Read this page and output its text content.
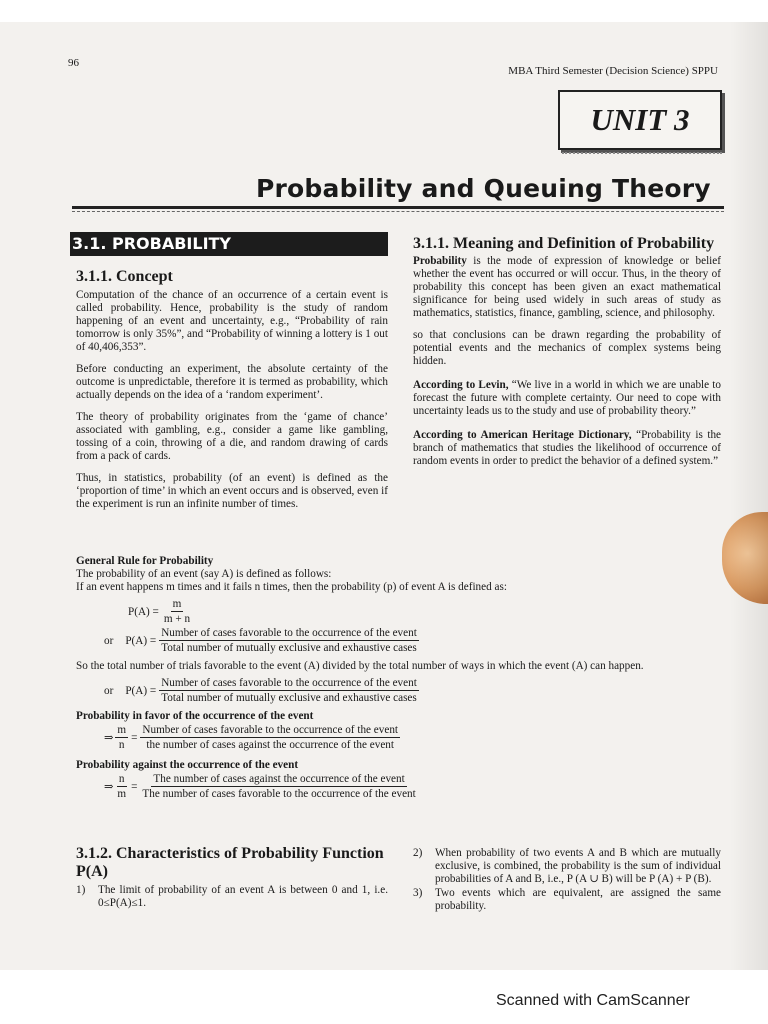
96
MBA Third Semester (Decision Science) SPPU
UNIT 3
Probability and Queuing Theory
3.1. PROBABILITY
3.1.1. Concept

Computation of the chance of an occurrence of a certain event is called probability. Hence, probability is the study of random happening of an event and uncertainty, e.g., “Probability of rain tomorrow is only 35%”, and “Probability of winning a lottery is 1 out of 40,406,353”.

Before conducting an experiment, the absolute certainty of the outcome is unpredictable, therefore it is termed as probability, which actually depends on the idea of a ‘random experiment’.

The theory of probability originates from the ‘game of chance’ associated with gambling, e.g., consider a game like gambling, tossing of a coin, throwing of a die, and random drawing of cards from a pack of cards.

Thus, in statistics, probability (of an event) is defined as the ‘proportion of time’ in which an event occurs and is observed, even if the experiment is run an infinite number of times.

3.1.1. Meaning and Definition of Probability

Probability is the mode of expression of knowledge or belief whether the event has occurred or will occur. Thus, in the theory of probability this concept has been given an exact mathematical significance for being used widely in such areas of study as mathematics, statistics, finance, gambling, science, and philosophy.

so that conclusions can be drawn regarding the probability of potential events and the mechanics of complex systems being hidden.

According to Levin, “We live in a world in which we are unable to forecast the future with complete certainty. Our need to cope with uncertainty leads us to the study and use of probability theory.”

According to American Heritage Dictionary, “Probability is the branch of mathematics that studies the likelihood of occurrence of random events in order to predict the behavior of a defined system.”

General Rule for Probability
The probability of an event (say A) is defined as follows:
If an event happens m times and it fails n times, then the probability (p) of event A is defined as:
$P(A) = \frac{m}{m + n}$
or $P(A) = \frac{\text{Number of cases favorable to the occurrence of the event}}{\text{Total number of mutually exclusive and exhaustive cases}}$

So the total number of trials favorable to the event (A) divided by the total number of ways in which the event (A) can happen.

or $P(A) = \frac{\text{Number of cases favorable to the occurrence of the event}}{\text{Total number of mutually exclusive and exhaustive cases}}$
Probability in favor of the occurrence of the event
⇒ $\frac{m}{n} = \frac{\text{Number of cases favorable to the occurrence of the event}}{\text{the number of cases against the occurrence of the event}}$
Probability against the occurrence of the event
⇒ $\frac{n}{m} = \frac{\text{The number of cases against the occurrence of the event}}{\text{The number of cases favorable to the occurrence of the event}}$
3.1.2. Characteristics of Probability Function P(A)
1)	The limit of probability of an event A is between 0 and 1, i.e. 0≤P(A)≤1.
2)	When probability of two events A and B which are mutually exclusive, is combined, the probability is the sum of individual probabilities of A and B, i.e., P (A ∪ B) will be P (A) + P (B).
3)	Two events which are equivalent, are assigned the same probability.
Scanned with CamScanner
